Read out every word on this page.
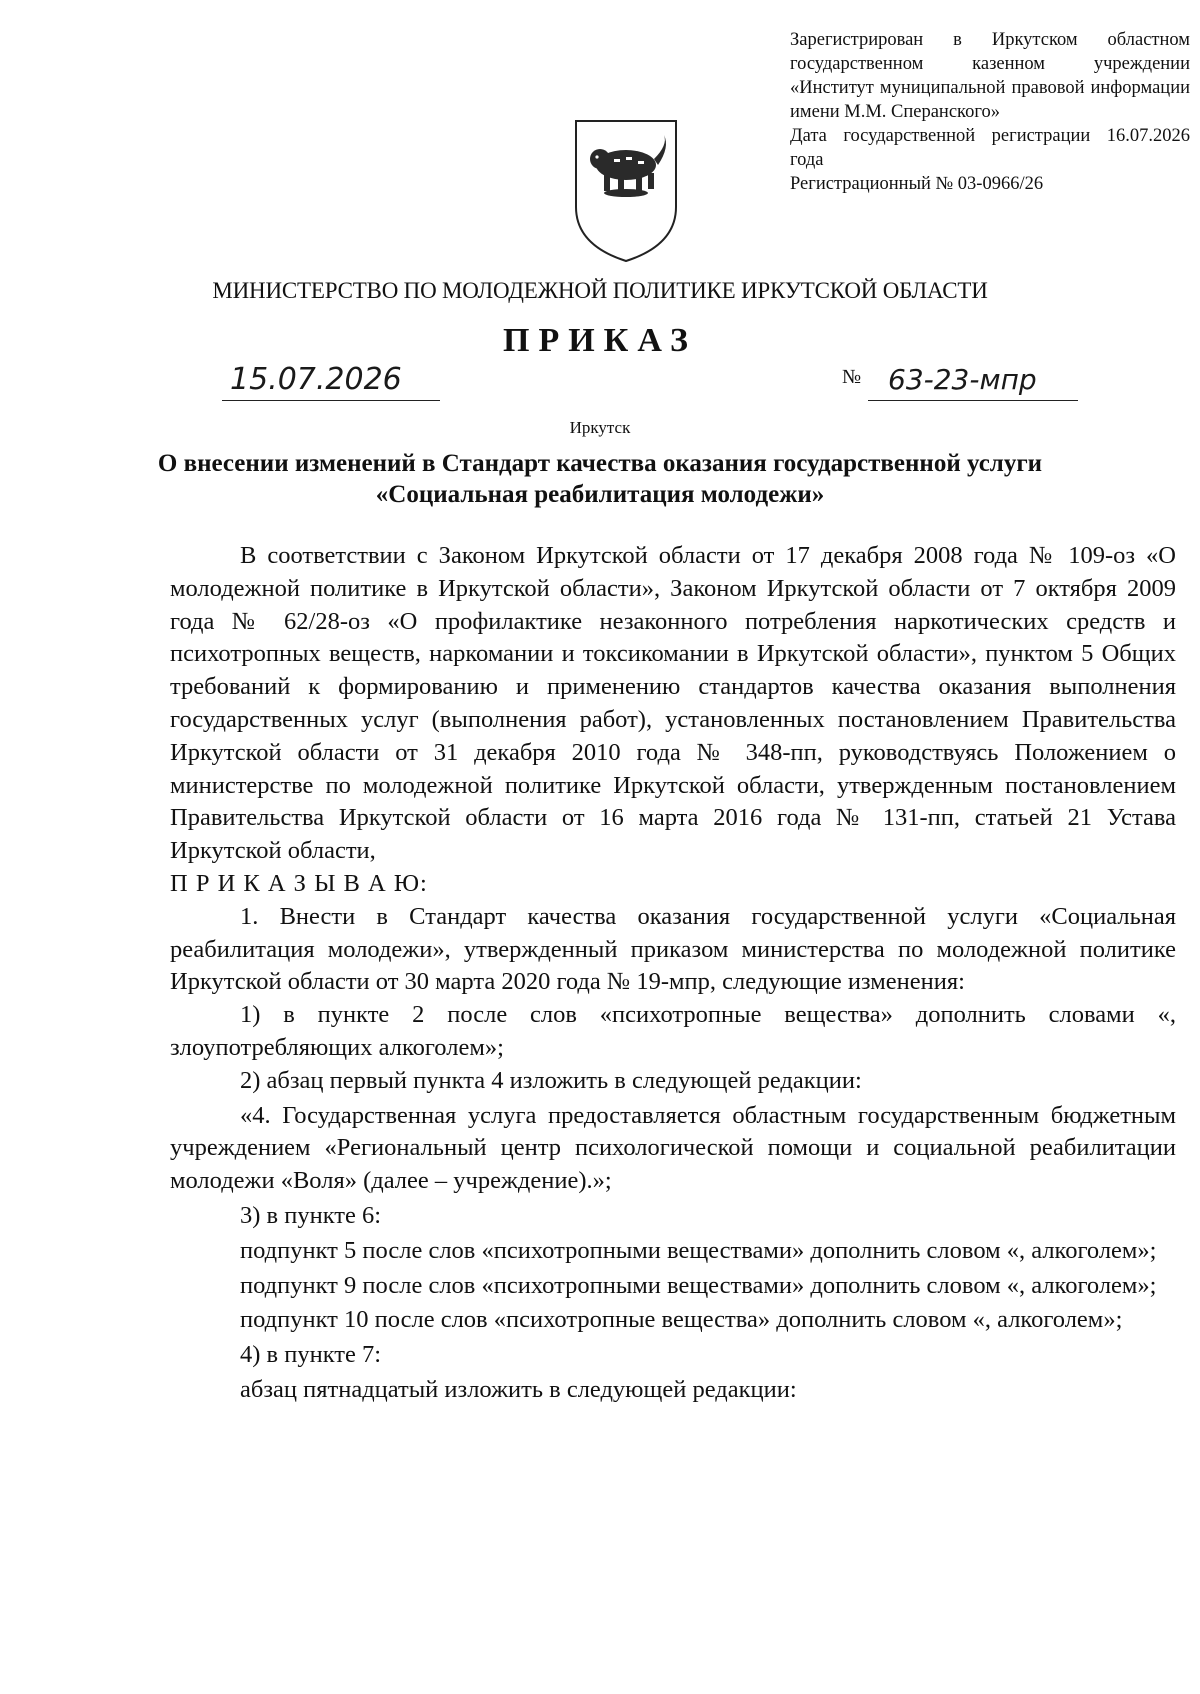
Зарегистрирован в Иркутском областном государственном казенном учреждении «Институт муниципальной правовой информации имени М.М. Сперанского»

Дата государственной регистрации 16.07.2026 года

Регистрационный № 03-0966/26

МИНИСТЕРСТВО ПО МОЛОДЕЖНОЙ ПОЛИТИКЕ ИРКУТСКОЙ ОБЛАСТИ
ПРИКАЗ
15.07.2026	№ 63-23-мпр
Иркутск
О внесении изменений в Стандарт качества оказания государственной услуги «Социальная реабилитация молодежи»

В соответствии с Законом Иркутской области от 17 декабря 2008 года № 109-оз «О молодежной политике в Иркутской области», Законом Иркутской области от 7 октября 2009 года № 62/28-оз «О профилактике незаконного потребления наркотических средств и психотропных веществ, наркомании и токсикомании в Иркутской области», пунктом 5 Общих требований к формированию и применению стандартов качества оказания выполнения государственных услуг (выполнения работ), установленных постановлением Правительства Иркутской области от 31 декабря 2010 года № 348-пп, руководствуясь Положением о министерстве по молодежной политике Иркутской области, утвержденным постановлением Правительства Иркутской области от 16 марта 2016 года № 131-пп, статьей 21 Устава Иркутской области,

П Р И К А З Ы В А Ю:

1. Внести в Стандарт качества оказания государственной услуги «Социальная реабилитация молодежи», утвержденный приказом министерства по молодежной политике Иркутской области от 30 марта 2020 года № 19-мпр, следующие изменения:

1) в пункте 2 после слов «психотропные вещества» дополнить словами «, злоупотребляющих алкоголем»;

2) абзац первый пункта 4 изложить в следующей редакции:

«4. Государственная услуга предоставляется областным государственным бюджетным учреждением «Региональный центр психологической помощи и социальной реабилитации молодежи «Воля» (далее – учреждение).»;

3) в пункте 6:

подпункт 5 после слов «психотропными веществами» дополнить словом «, алкоголем»;

подпункт 9 после слов «психотропными веществами» дополнить словом «, алкоголем»;

подпункт 10 после слов «психотропные вещества» дополнить словом «, алкоголем»;

4) в пункте 7:

абзац пятнадцатый изложить в следующей редакции:
